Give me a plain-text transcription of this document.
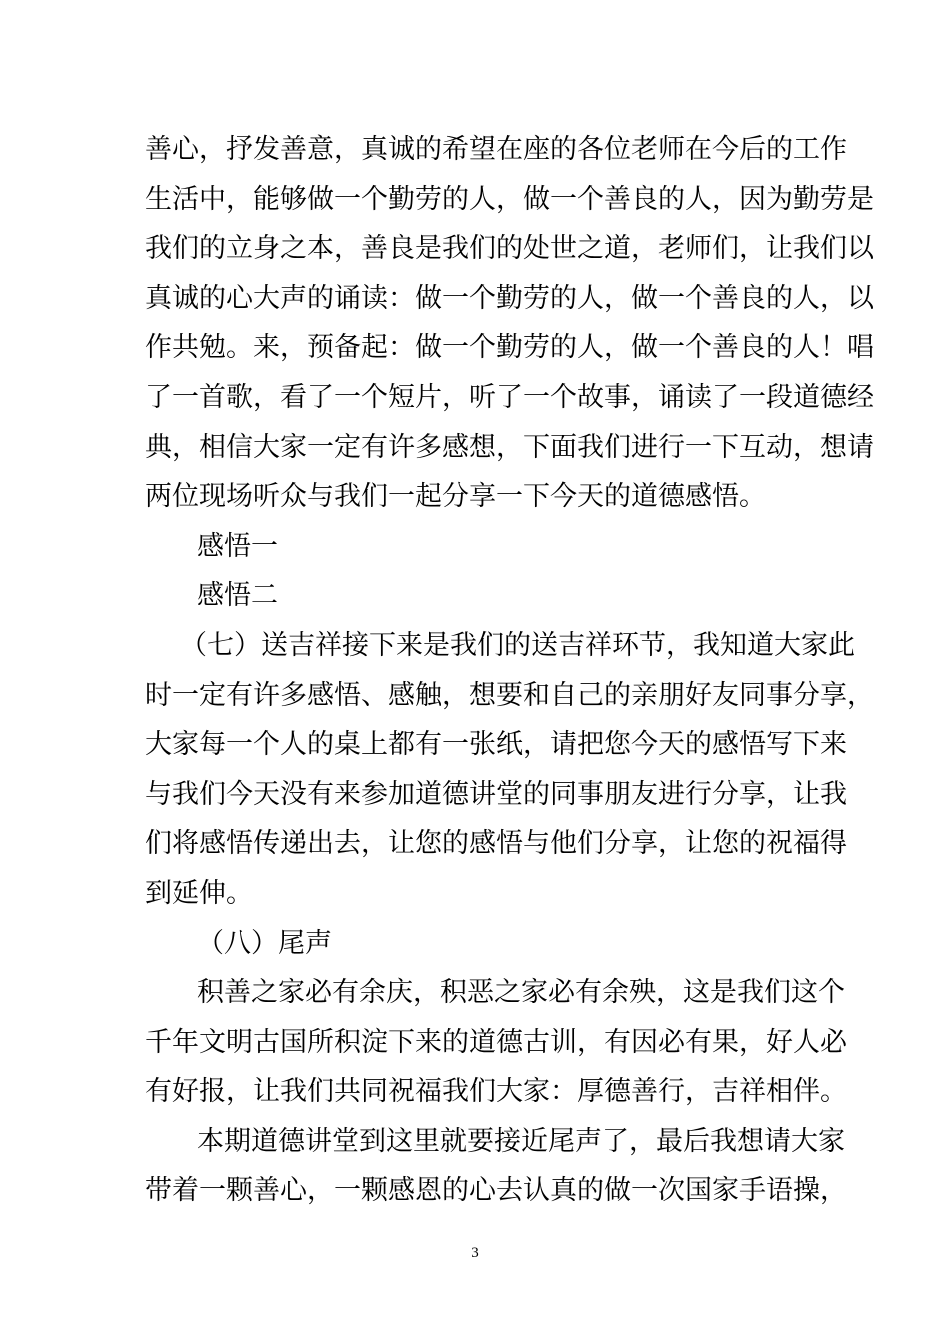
善心，抒发善意，真诚的希望在座的各位老师在今后的工作
生活中，能够做一个勤劳的人，做一个善良的人，因为勤劳是
我们的立身之本，善良是我们的处世之道，老师们，让我们以
真诚的心大声的诵读：做一个勤劳的人，做一个善良的人，以
作共勉。来，预备起：做一个勤劳的人，做一个善良的人！唱
了一首歌，看了一个短片，听了一个故事，诵读了一段道德经
典，相信大家一定有许多感想，下面我们进行一下互动，想请
两位现场听众与我们一起分享一下今天的道德感悟。
感悟一
感悟二
（七）送吉祥接下来是我们的送吉祥环节，我知道大家此
时一定有许多感悟、感触，想要和自己的亲朋好友同事分享，
大家每一个人的桌上都有一张纸，请把您今天的感悟写下来
与我们今天没有来参加道德讲堂的同事朋友进行分享，让我
们将感悟传递出去，让您的感悟与他们分享，让您的祝福得
到延伸。
（八）尾声
积善之家必有余庆，积恶之家必有余殃，这是我们这个
千年文明古国所积淀下来的道德古训，有因必有果，好人必
有好报，让我们共同祝福我们大家：厚德善行，吉祥相伴。
本期道德讲堂到这里就要接近尾声了，最后我想请大家
带着一颗善心，一颗感恩的心去认真的做一次国家手语操，
3
